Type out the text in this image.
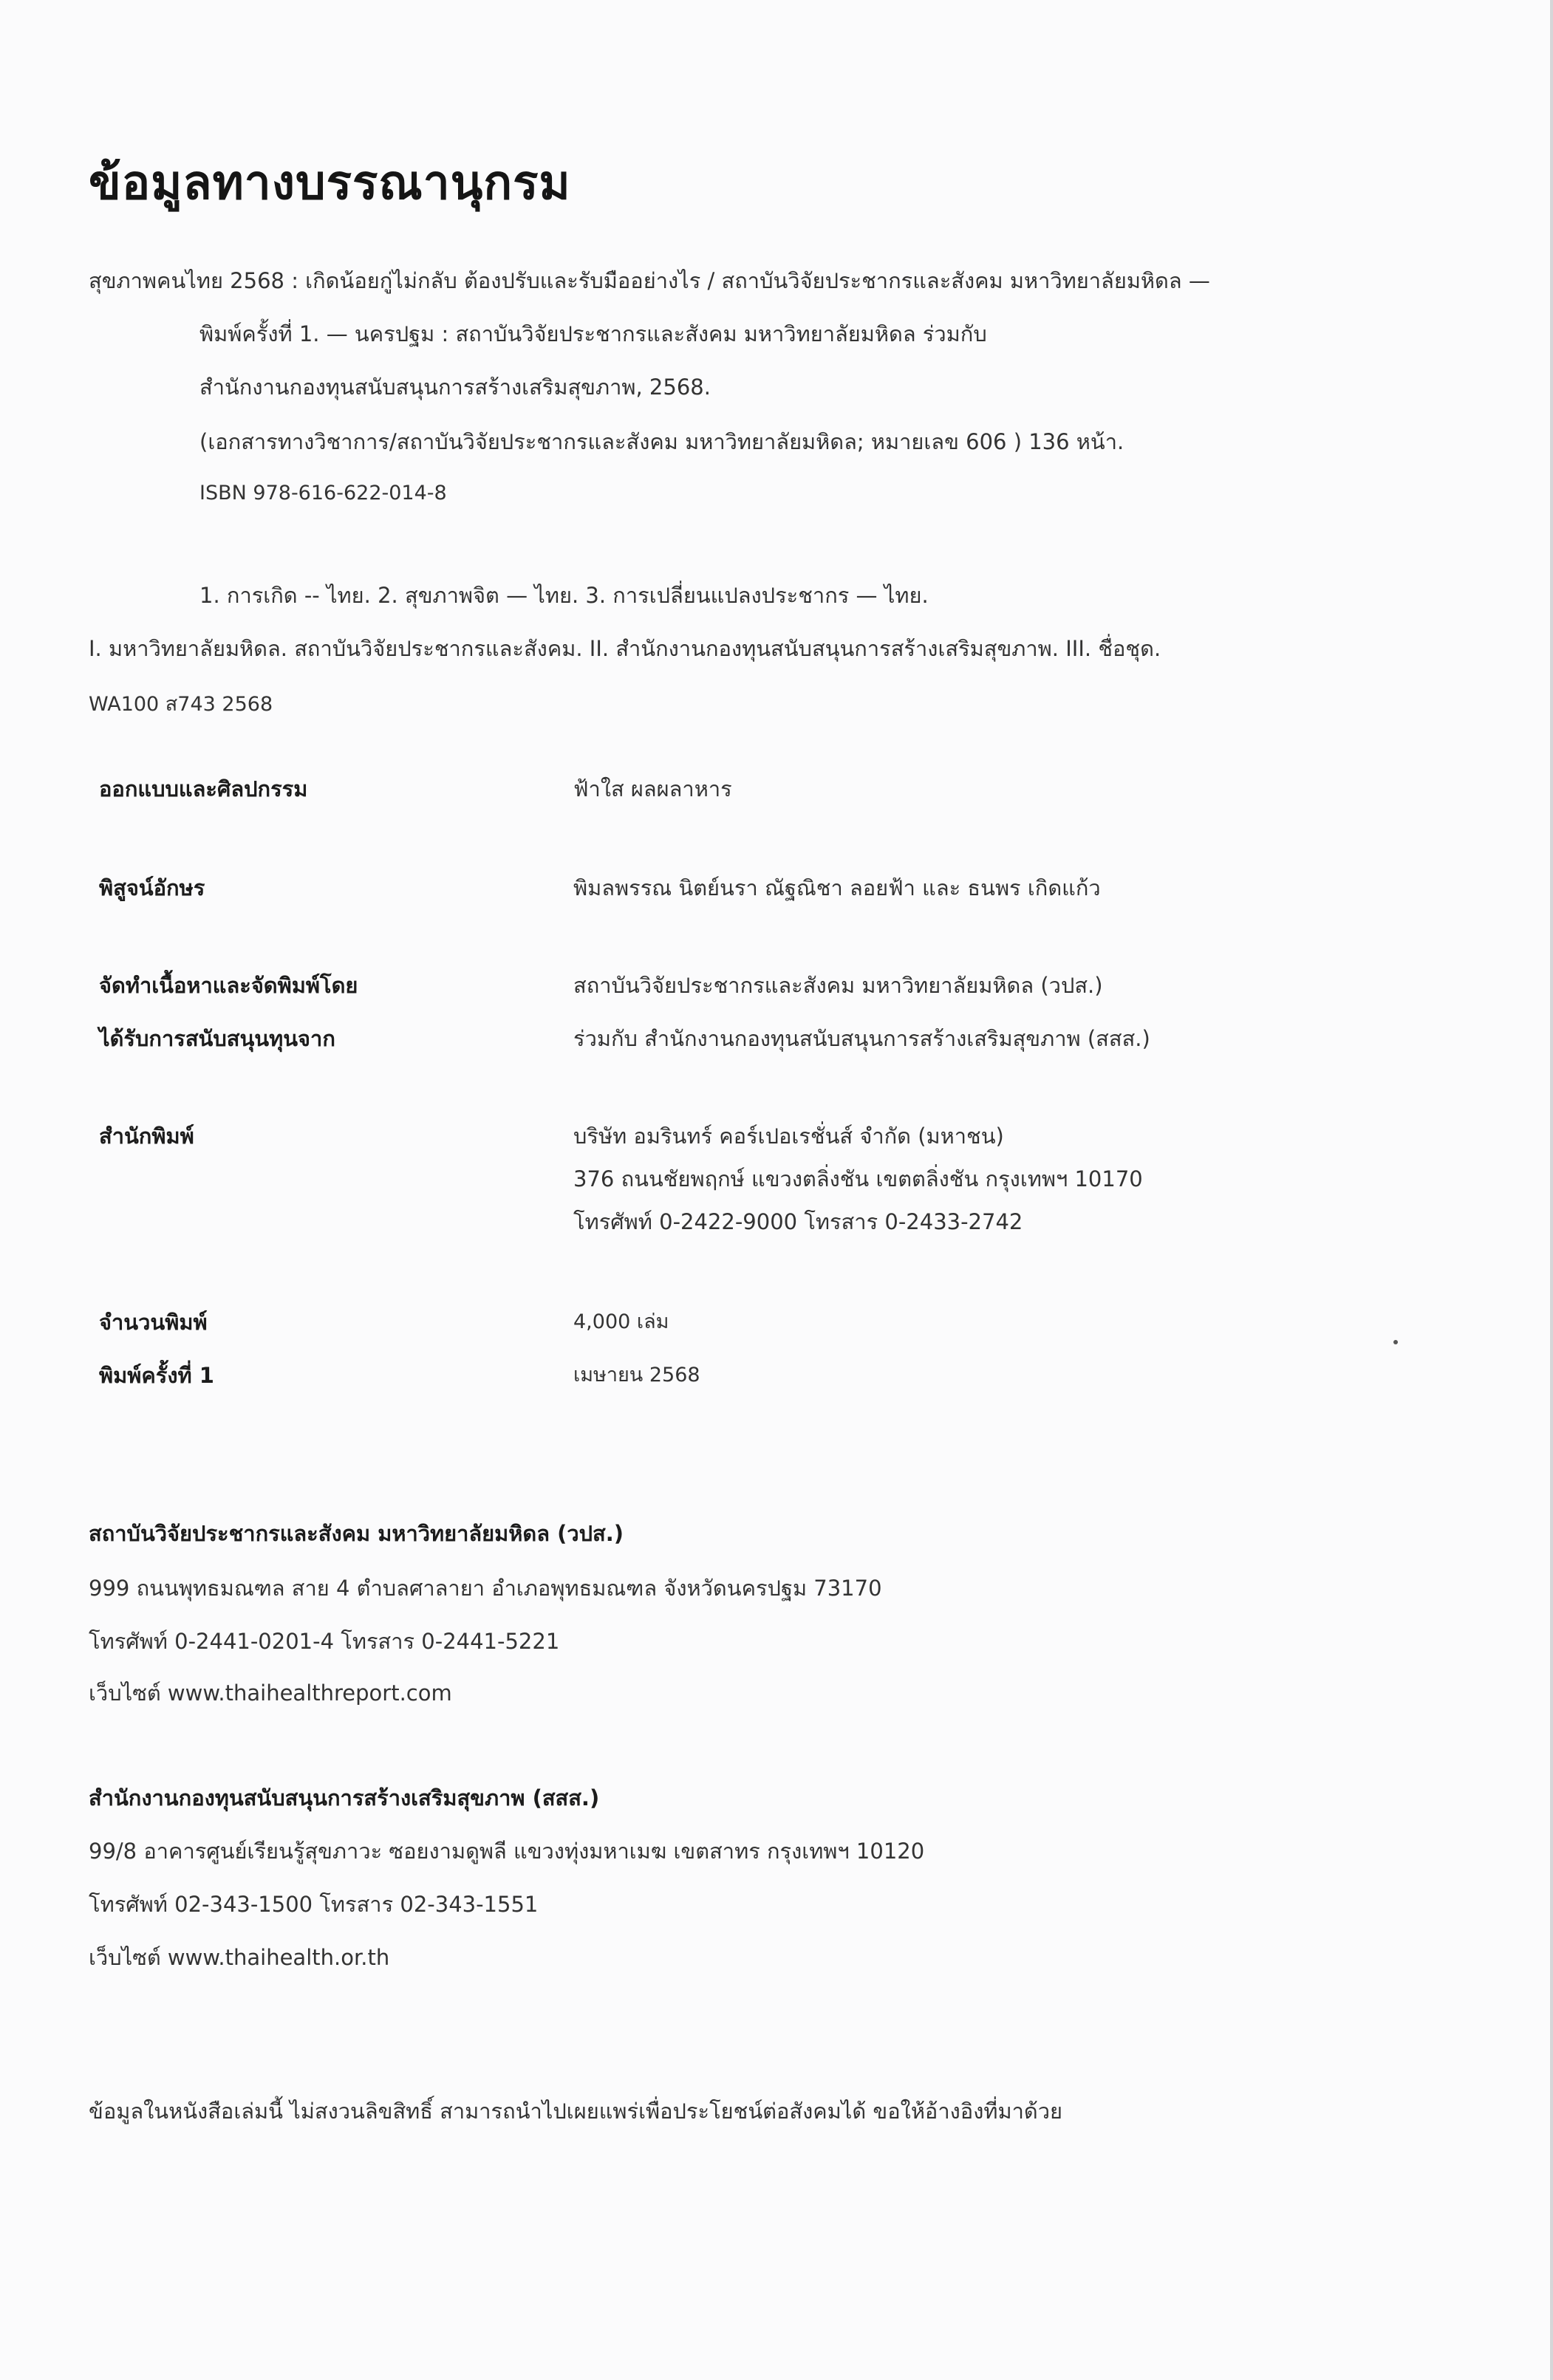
ข้อมูลทางบรรณานุกรม
สุขภาพคนไทย 2568 : เกิดน้อยกู่ไม่กลับ ต้องปรับและรับมืออย่างไร / สถาบันวิจัยประชากรและสังคม มหาวิทยาลัยมหิดล —
พิมพ์ครั้งที่ 1. — นครปฐม : สถาบันวิจัยประชากรและสังคม มหาวิทยาลัยมหิดล ร่วมกับ
สำนักงานกองทุนสนับสนุนการสร้างเสริมสุขภาพ, 2568.
(เอกสารทางวิชาการ/สถาบันวิจัยประชากรและสังคม มหาวิทยาลัยมหิดล; หมายเลข 606 ) 136 หน้า.
ISBN 978-616-622-014-8
1. การเกิด -- ไทย. 2. สุขภาพจิต — ไทย. 3. การเปลี่ยนแปลงประชากร — ไทย.
I. มหาวิทยาลัยมหิดล. สถาบันวิจัยประชากรและสังคม. II. สำนักงานกองทุนสนับสนุนการสร้างเสริมสุขภาพ. III. ชื่อชุด.
WA100 ส743 2568
ออกแบบและศิลปกรรม	ฟ้าใส ผลผลาหาร
พิสูจน์อักษร	พิมลพรรณ นิตย์นรา ณัฐณิชา ลอยฟ้า และ ธนพร เกิดแก้ว
จัดทำเนื้อหาและจัดพิมพ์โดย	สถาบันวิจัยประชากรและสังคม มหาวิทยาลัยมหิดล (วปส.)
ได้รับการสนับสนุนทุนจาก	ร่วมกับ สำนักงานกองทุนสนับสนุนการสร้างเสริมสุขภาพ (สสส.)
สำนักพิมพ์	บริษัท อมรินทร์ คอร์เปอเรชั่นส์ จำกัด (มหาชน)
376 ถนนชัยพฤกษ์ แขวงตลิ่งชัน เขตตลิ่งชัน กรุงเทพฯ 10170
โทรศัพท์ 0-2422-9000 โทรสาร 0-2433-2742
จำนวนพิมพ์	4,000 เล่ม
พิมพ์ครั้งที่ 1	เมษายน 2568
สถาบันวิจัยประชากรและสังคม มหาวิทยาลัยมหิดล (วปส.)
999 ถนนพุทธมณฑล สาย 4 ตำบลศาลายา อำเภอพุทธมณฑล จังหวัดนครปฐม 73170
โทรศัพท์ 0-2441-0201-4 โทรสาร 0-2441-5221
เว็บไซต์ www.thaihealthreport.com
สำนักงานกองทุนสนับสนุนการสร้างเสริมสุขภาพ (สสส.)
99/8 อาคารศูนย์เรียนรู้สุขภาวะ ซอยงามดูพลี แขวงทุ่งมหาเมฆ เขตสาทร กรุงเทพฯ 10120
โทรศัพท์ 02-343-1500 โทรสาร 02-343-1551
เว็บไซต์ www.thaihealth.or.th
ข้อมูลในหนังสือเล่มนี้ ไม่สงวนลิขสิทธิ์ สามารถนำไปเผยแพร่เพื่อประโยชน์ต่อสังคมได้ ขอให้อ้างอิงที่มาด้วย
